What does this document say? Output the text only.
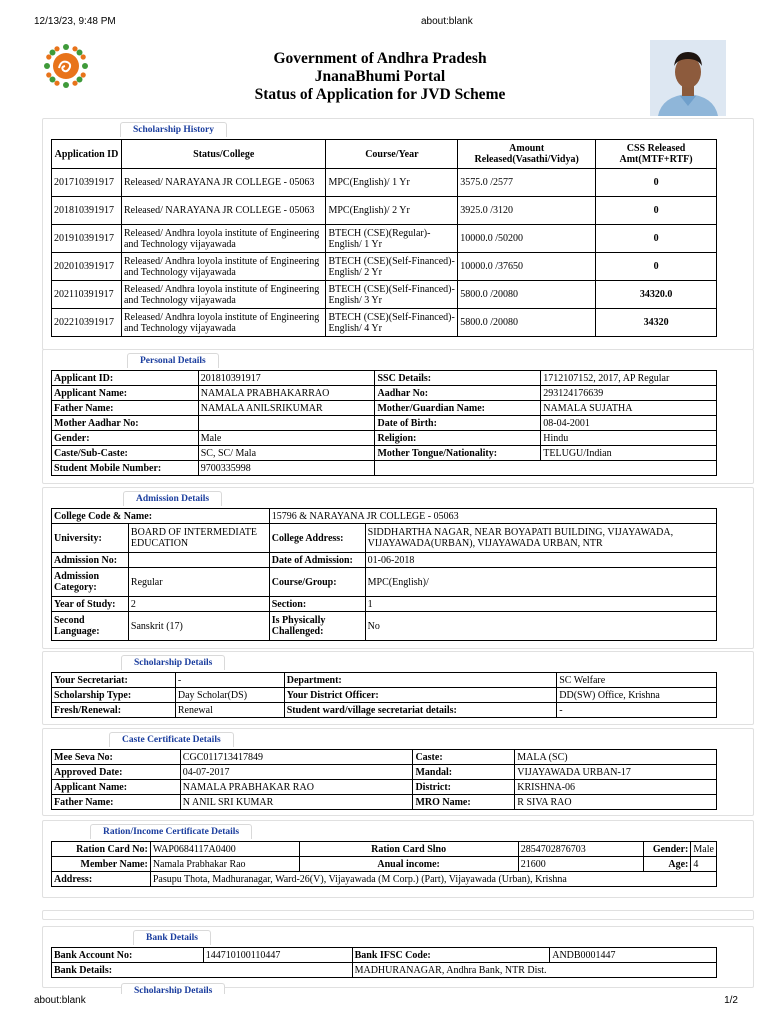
12/13/23, 9:48 PM	about:blank
Government of Andhra Pradesh
JnanaBhumi Portal
Status of Application for JVD Scheme
Scholarship History
Application ID	Status/College	Course/Year	Amount Released(Vasathi/Vidya)	CSS Released Amt(MTF+RTF)
201710391917	Released/ NARAYANA JR COLLEGE - 05063	MPC(English)/ 1 Yr	3575.0 /2577	0
201810391917	Released/ NARAYANA JR COLLEGE - 05063	MPC(English)/ 2 Yr	3925.0 /3120	0
201910391917	Released/ Andhra loyola institute of Engineering and Technology vijayawada	BTECH (CSE)(Regular)-English/ 1 Yr	10000.0 /50200	0
202010391917	Released/ Andhra loyola institute of Engineering and Technology vijayawada	BTECH (CSE)(Self-Financed)-English/ 2 Yr	10000.0 /37650	0
202110391917	Released/ Andhra loyola institute of Engineering and Technology vijayawada	BTECH (CSE)(Self-Financed)-English/ 3 Yr	5800.0 /20080	34320.0
202210391917	Released/ Andhra loyola institute of Engineering and Technology vijayawada	BTECH (CSE)(Self-Financed)-English/ 4 Yr	5800.0 /20080	34320
Personal Details
Applicant ID:	201810391917	SSC Details:	1712107152, 2017, AP Regular
Applicant Name:	NAMALA PRABHAKARRAO	Aadhar No:	293124176639
Father Name:	NAMALA ANILSRIKUMAR	Mother/Guardian Name:	NAMALA SUJATHA
Mother Aadhar No:		Date of Birth:	08-04-2001
Gender:	Male	Religion:	Hindu
Caste/Sub-Caste:	SC, SC/ Mala	Mother Tongue/Nationality:	TELUGU/Indian
Student Mobile Number:	9700335998		
Admission Details
College Code & Name:		15796 & NARAYANA JR COLLEGE - 05063	
University:	BOARD OF INTERMEDIATE EDUCATION	College Address:	SIDDHARTHA NAGAR, NEAR BOYAPATI BUILDING, VIJAYAWADA, VIJAYAWADA(URBAN), VIJAYAWADA URBAN, NTR
Admission No:		Date of Admission:	01-06-2018
Admission Category:	Regular	Course/Group:	MPC(English)/
Year of Study:	2	Section:	1
Second Language:	Sanskrit (17)	Is Physically Challenged:	No
Scholarship Details
Your Secretariat:	-	Department:	SC Welfare
Scholarship Type:	Day Scholar(DS)	Your District Officer:	DD(SW) Office, Krishna
Fresh/Renewal:	Renewal	Student ward/village secretariat details:	-
Caste Certificate Details
Mee Seva No:	CGC011713417849	Caste:	MALA (SC)
Approved Date:	04-07-2017	Mandal:	VIJAYAWADA URBAN-17
Applicant Name:	NAMALA PRABHAKAR RAO	District:	KRISHNA-06
Father Name:	N ANIL SRI KUMAR	MRO Name:	R SIVA RAO
Ration/Income Certificate Details
Ration Card No:	WAP0684117A0400	Ration Card Slno	2854702876703	Gender:	Male
Member Name:	Namala Prabhakar Rao	Anual income:	21600	Age:	4
Address:	Pasupu Thota, Madhuranagar, Ward-26(V), Vijayawada (M Corp.) (Part), Vijayawada (Urban), Krishna				
Bank Details
Bank Account No:	144710100110447	Bank IFSC Code:	ANDB0001447
Bank Details:		MADHURANAGAR, Andhra Bank, NTR Dist.	
Scholarship Details
about:blank	1/2
